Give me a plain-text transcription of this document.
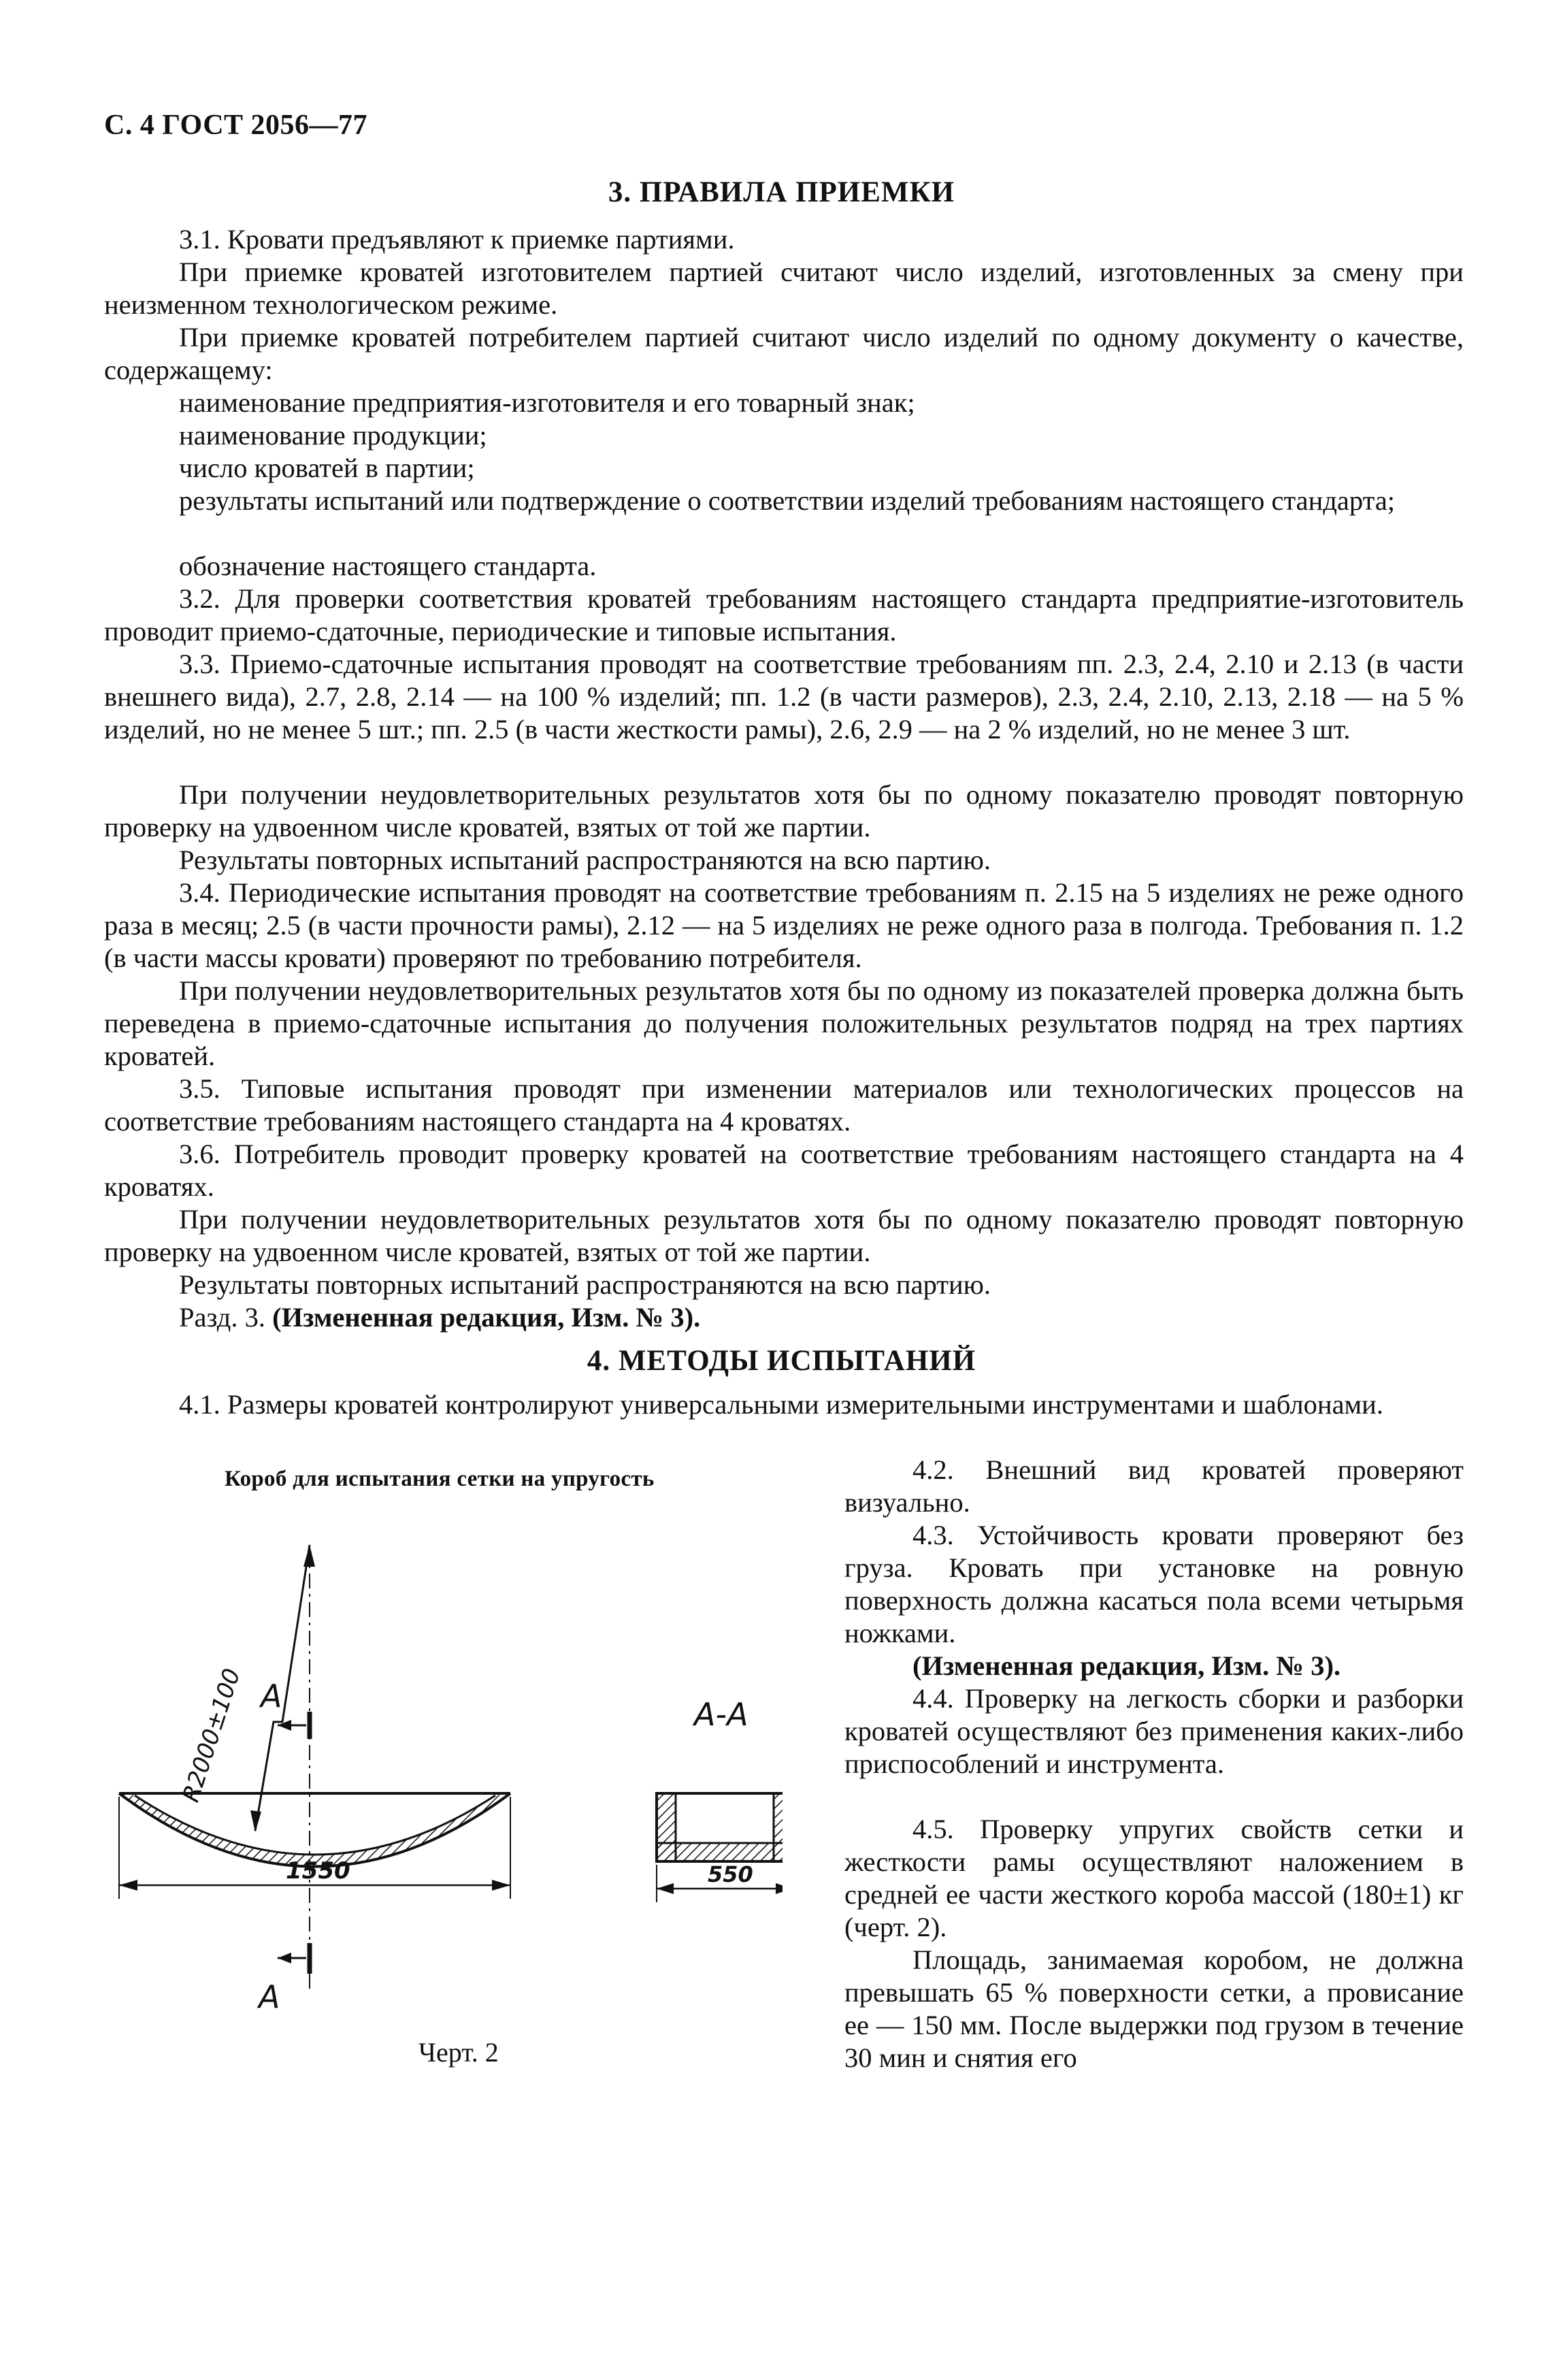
С. 4 ГОСТ 2056—77
3. ПРАВИЛА ПРИЕМКИ
3.1. Кровати предъявляют к приемке партиями.
При приемке кроватей изготовителем партией считают число изделий, изготовленных за смену при неизменном технологическом режиме.
При приемке кроватей потребителем партией считают число изделий по одному документу о качестве, содержащему:
наименование предприятия-изготовителя и его товарный знак;
наименование продукции;
число кроватей в партии;
результаты испытаний или подтверждение о соответствии изделий требованиям настоящего стандарта;
обозначение настоящего стандарта.
3.2. Для проверки соответствия кроватей требованиям настоящего стандарта предприятие-изготовитель проводит приемо-сдаточные, периодические и типовые испытания.
3.3. Приемо-сдаточные испытания проводят на соответствие требованиям пп. 2.3, 2.4, 2.10 и 2.13 (в части внешнего вида), 2.7, 2.8, 2.14 — на 100 % изделий; пп. 1.2 (в части размеров), 2.3, 2.4, 2.10, 2.13, 2.18 — на 5 % изделий, но не менее 5 шт.; пп. 2.5 (в части жесткости рамы), 2.6, 2.9 — на 2 % изделий, но не менее 3 шт.
При получении неудовлетворительных результатов хотя бы по одному показателю проводят повторную проверку на удвоенном числе кроватей, взятых от той же партии.
Результаты повторных испытаний распространяются на всю партию.
3.4. Периодические испытания проводят на соответствие требованиям п. 2.15 на 5 изделиях не реже одного раза в месяц; 2.5 (в части прочности рамы), 2.12 — на 5 изделиях не реже одного раза в полгода. Требования п. 1.2 (в части массы кровати) проверяют по требованию потребителя.
При получении неудовлетворительных результатов хотя бы по одному из показателей проверка должна быть переведена в приемо-сдаточные испытания до получения положительных результатов подряд на трех партиях кроватей.
3.5. Типовые испытания проводят при изменении материалов или технологических процессов на соответствие требованиям настоящего стандарта на 4 кроватях.
3.6. Потребитель проводит проверку кроватей на соответствие требованиям настоящего стандарта на 4 кроватях.
При получении неудовлетворительных результатов хотя бы по одному показателю проводят повторную проверку на удвоенном числе кроватей, взятых от той же партии.
Результаты повторных испытаний распространяются на всю партию.
Разд. 3. (Измененная редакция, Изм. № 3).
4. МЕТОДЫ ИСПЫТАНИЙ
4.1. Размеры кроватей контролируют универсальными измерительными инструментами и шаблонами.
4.2. Внешний вид кроватей проверяют визуально.
4.3. Устойчивость кровати проверяют без груза. Кровать при установке на ровную поверхность должна касаться пола всеми четырьмя ножками.
(Измененная редакция, Изм. № 3).
4.4. Проверку на легкость сборки и разборки кроватей осуществляют без применения каких-либо приспособлений и инструмента.
4.5. Проверку упругих свойств сетки и жесткости рамы осуществляют наложением в средней ее части жесткого короба массой (180±1) кг (черт. 2).
Площадь, занимаемая коробом, не должна превышать 65 % поверхности сетки, а провисание ее — 150 мм. После выдержки под грузом в течение 30 мин и снятия его
Короб для испытания сетки на упругость
R2000±100 А
1550
А
А-А
550
Черт. 2
